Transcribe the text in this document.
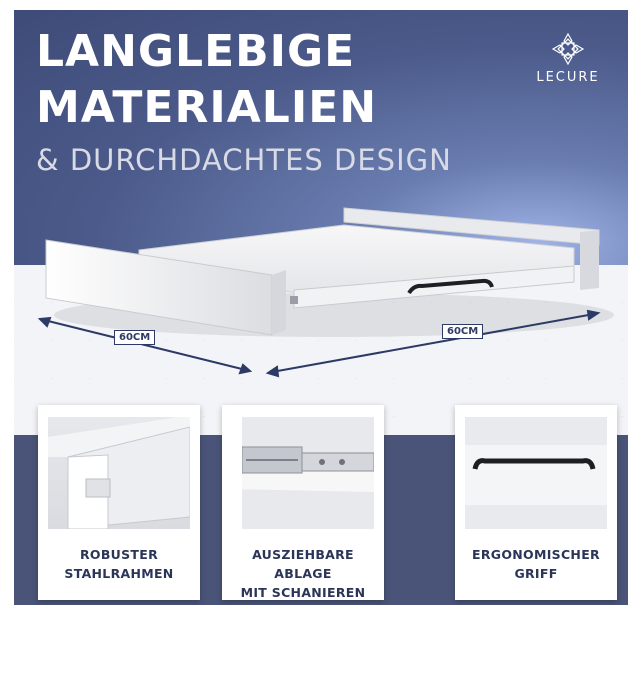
LANGLEBIGE
MATERIALIEN
& DURCHDACHTES DESIGN
LECURE
60CM
60CM
ROBUSTER
STAHLRAHMEN
AUSZIEHBARE ABLAGE
MIT SCHANIEREN
ERGONOMISCHER
GRIFF
